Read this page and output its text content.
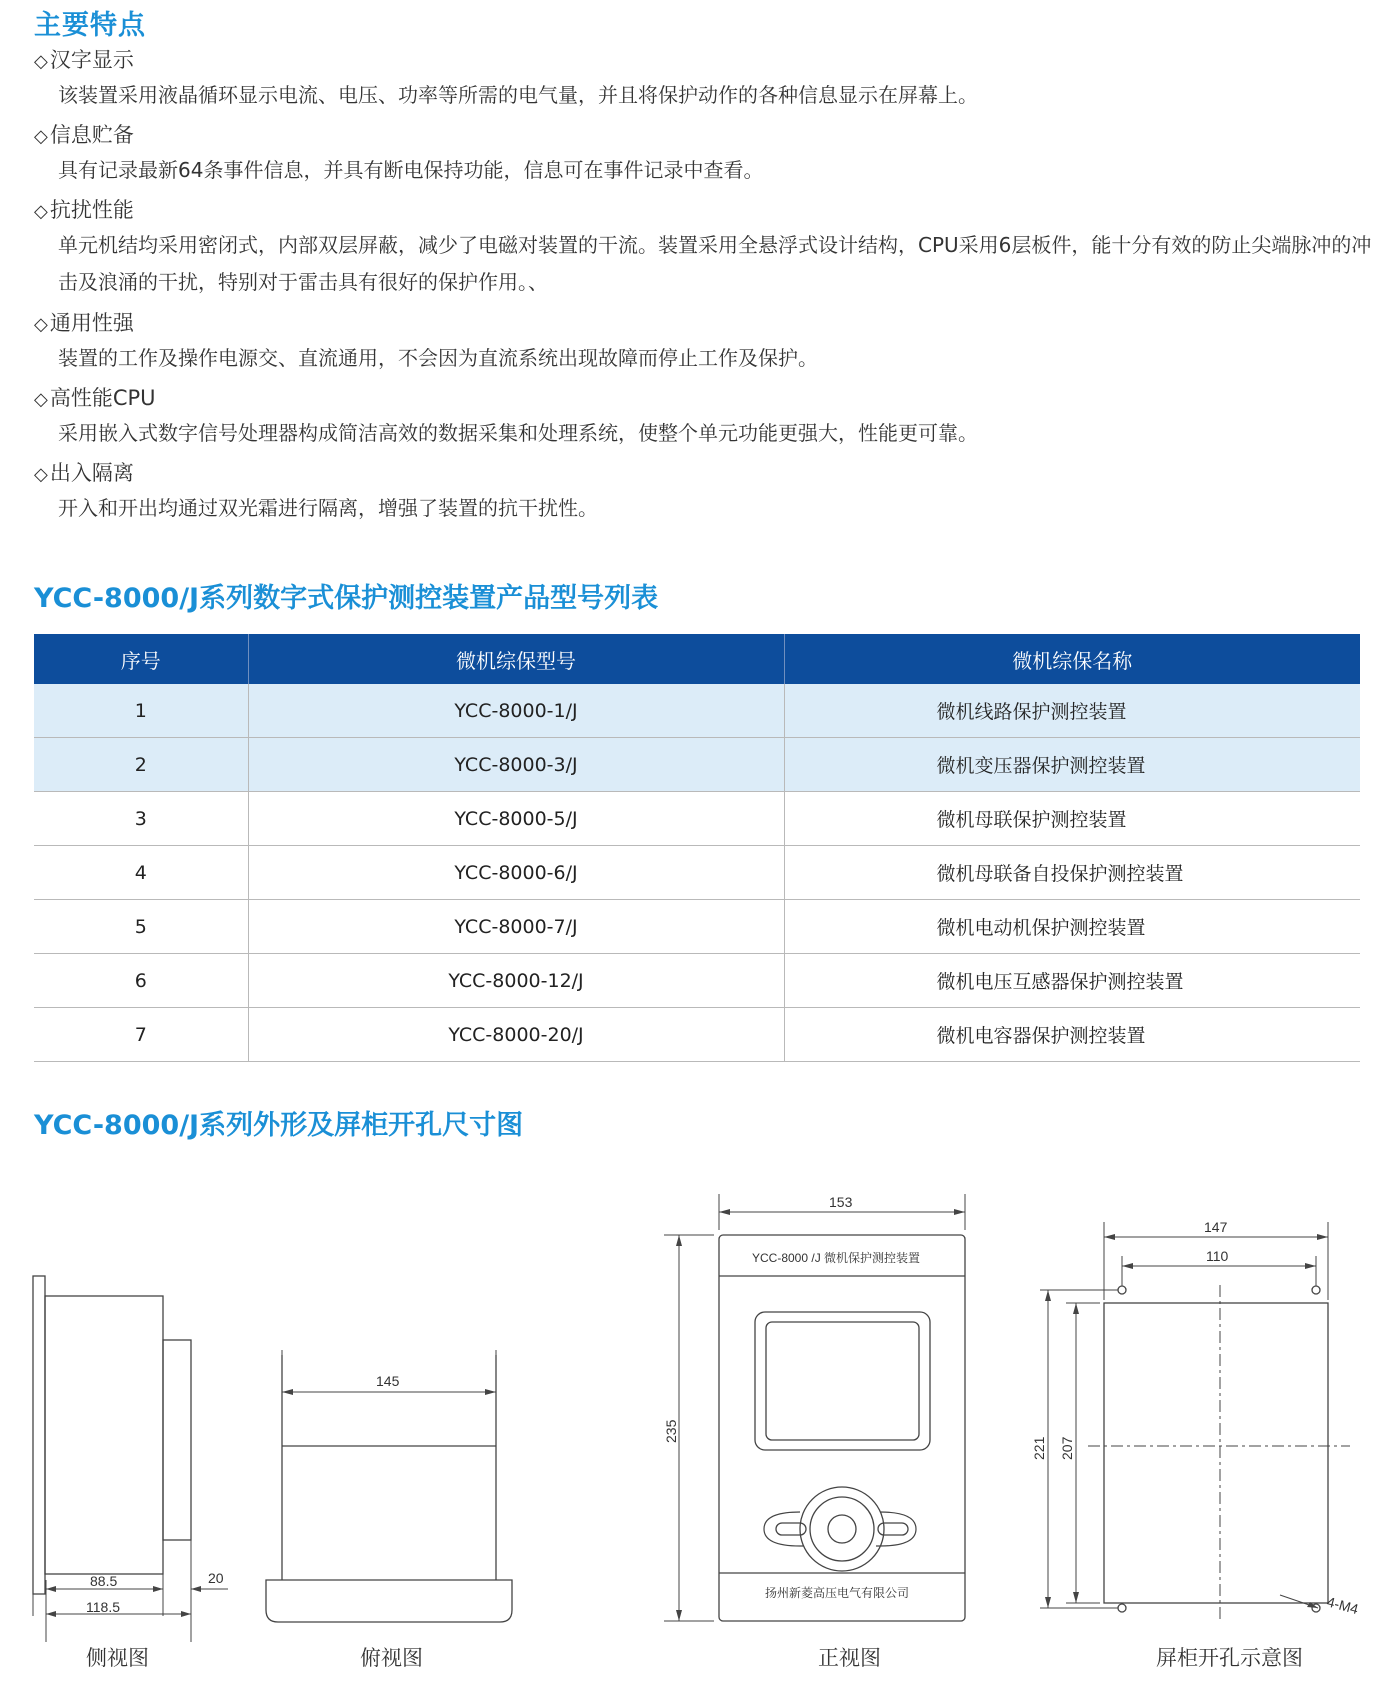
主要特点
◇汉字显示
该装置采用液晶循环显示电流、电压、功率等所需的电气量，并且将保护动作的各种信息显示在屏幕上。
◇信息贮备
具有记录最新64条事件信息，并具有断电保持功能，信息可在事件记录中查看。
◇抗扰性能
单元机结均采用密闭式，内部双层屏蔽，减少了电磁对装置的干流。装置采用全悬浮式设计结构，CPU采用6层板件，能十分有效的防止尖端脉冲的冲击及浪涌的干扰，特别对于雷击具有很好的保护作用。、
◇通用性强
装置的工作及操作电源交、直流通用，不会因为直流系统出现故障而停止工作及保护。
◇高性能CPU
采用嵌入式数字信号处理器构成简洁高效的数据采集和处理系统，使整个单元功能更强大，性能更可靠。
◇出入隔离
开入和开出均通过双光霜进行隔离，增强了装置的抗干扰性。
YCC-8000/J系列数字式保护测控装置产品型号列表
序号	微机综保型号	微机综保名称
1	YCC-8000-1/J	微机线路保护测控装置
2	YCC-8000-3/J	微机变压器保护测控装置
3	YCC-8000-5/J	微机母联保护测控装置
4	YCC-8000-6/J	微机母联备自投保护测控装置
5	YCC-8000-7/J	微机电动机保护测控装置
6	YCC-8000-12/J	微机电压互感器保护测控装置
7	YCC-8000-20/J	微机电容器保护测控装置
YCC-8000/J系列外形及屏柜开孔尺寸图
88.5
118.5
20
145
153
235
YCC-8000 /J 微机保护测控装置
扬州新菱高压电气有限公司
147
110
221 207
4-M4
侧视图	俯视图	正视图	屏柜开孔示意图
